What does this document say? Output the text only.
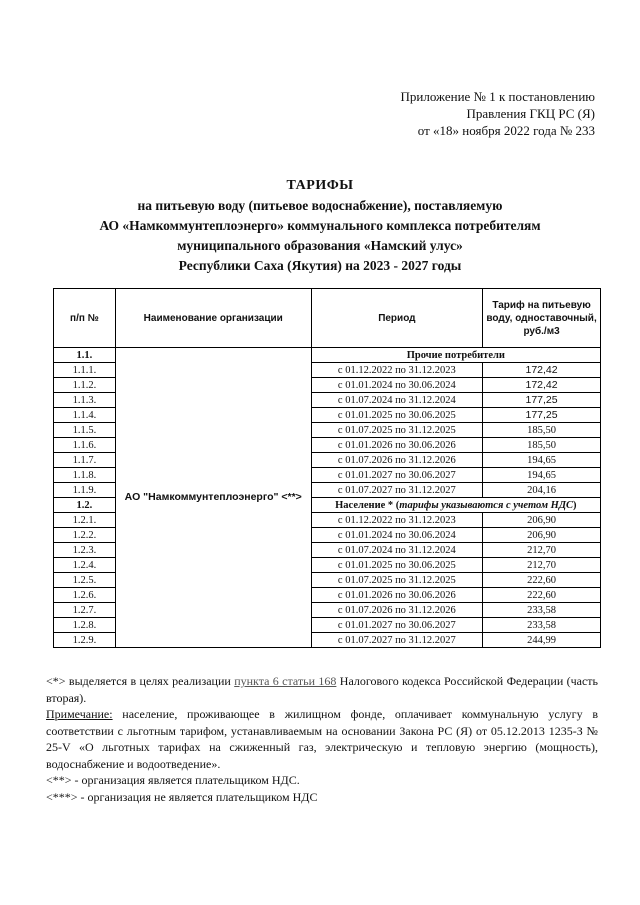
Приложение № 1 к постановлению
Правления ГКЦ РС (Я)
от «18» ноября 2022 года № 233
ТАРИФЫ
на питьевую воду (питьевое водоснабжение), поставляемую
АО «Намкоммунтеплоэнерго» коммунального комплекса потребителям
муниципального образования «Намский улус»
Республики Саха (Якутия) на 2023 - 2027 годы
п/п №	Наименование организации	Период	Тариф на питьевую воду, одноставочный, руб./м3
1.1.	АО "Намкоммунтеплоэнерго" <**>	Прочие потребители	
1.1.1.		с 01.12.2022 по 31.12.2023	172,42
1.1.2.		с 01.01.2024 по 30.06.2024	172,42
1.1.3.		с 01.07.2024 по 31.12.2024	177,25
1.1.4.		с 01.01.2025 по 30.06.2025	177,25
1.1.5.		с 01.07.2025 по 31.12.2025	185,50
1.1.6.		с 01.01.2026 по 30.06.2026	185,50
1.1.7.		с 01.07.2026 по 31.12.2026	194,65
1.1.8.		с 01.01.2027 по 30.06.2027	194,65
1.1.9.		с 01.07.2027 по 31.12.2027	204,16
1.2.		Население * (тарифы указываются с учетом НДС)	
1.2.1.		с 01.12.2022 по 31.12.2023	206,90
1.2.2.		с 01.01.2024 по 30.06.2024	206,90
1.2.3.		с 01.07.2024 по 31.12.2024	212,70
1.2.4.		с 01.01.2025 по 30.06.2025	212,70
1.2.5.		с 01.07.2025 по 31.12.2025	222,60
1.2.6.		с 01.01.2026 по 30.06.2026	222,60
1.2.7.		с 01.07.2026 по 31.12.2026	233,58
1.2.8.		с 01.01.2027 по 30.06.2027	233,58
1.2.9.		с 01.07.2027 по 31.12.2027	244,99

<*> выделяется в целях реализации пункта 6 статьи 168 Налогового кодекса Российской Федерации (часть вторая).

Примечание: население, проживающее в жилищном фонде, оплачивает коммунальную услугу в соответствии с льготным тарифом, устанавливаемым на основании Закона РС (Я) от 05.12.2013 1235-З № 25-V «О льготных тарифах на сжиженный газ, электрическую и тепловую энергию (мощность), водоснабжение и водоотведение».

<**> - организация является плательщиком НДС.

<***> - организация не является плательщиком НДС
